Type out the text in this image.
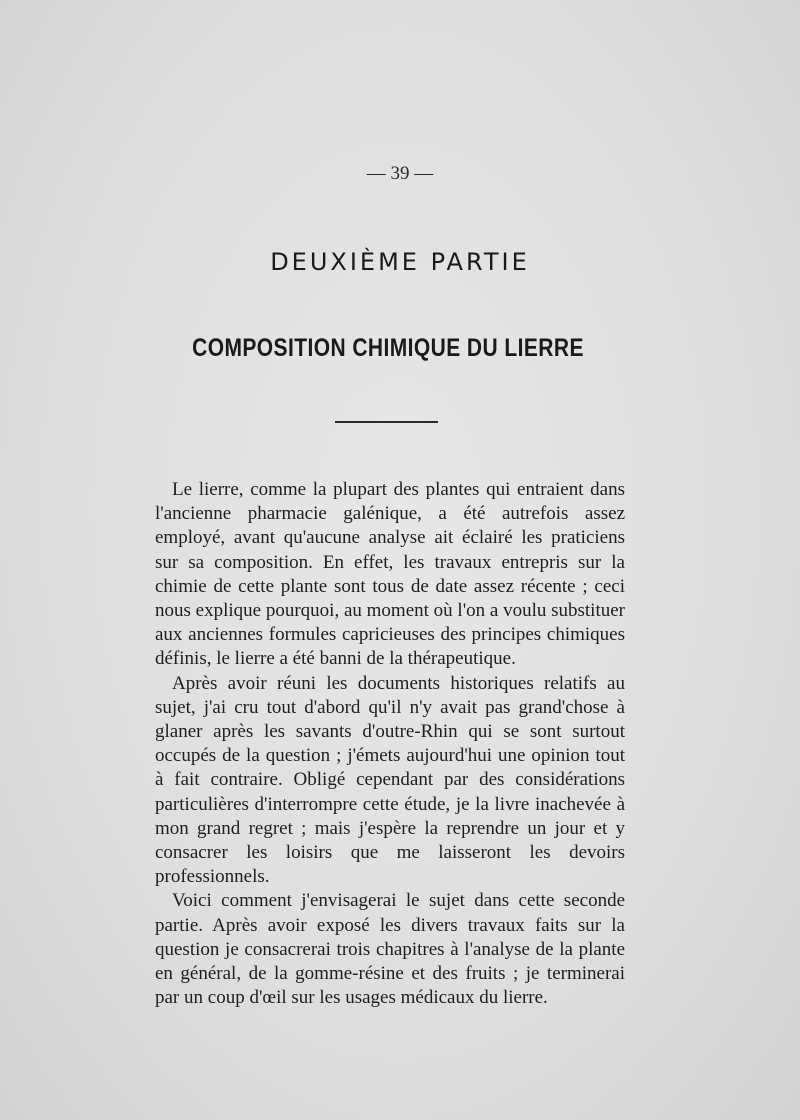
— 39 —
DEUXIÈME PARTIE
COMPOSITION CHIMIQUE DU LIERRE

Le lierre, comme la plupart des plantes qui entraient dans l'ancienne pharmacie galénique, a été autrefois assez employé, avant qu'aucune analyse ait éclairé les praticiens sur sa composition. En effet, les travaux entrepris sur la chimie de cette plante sont tous de date assez récente ; ceci nous explique pourquoi, au moment où l'on a voulu substituer aux anciennes formules capricieuses des principes chimiques définis, le lierre a été banni de la thérapeutique.

Après avoir réuni les documents historiques relatifs au sujet, j'ai cru tout d'abord qu'il n'y avait pas grand'chose à glaner après les savants d'outre-Rhin qui se sont surtout occupés de la question ; j'émets aujourd'hui une opinion tout à fait contraire. Obligé cependant par des considérations particulières d'interrompre cette étude, je la livre inachevée à mon grand regret ; mais j'espère la reprendre un jour et y consacrer les loisirs que me laisseront les devoirs professionnels.

Voici comment j'envisagerai le sujet dans cette seconde partie. Après avoir exposé les divers travaux faits sur la question je consacrerai trois chapitres à l'analyse de la plante en général, de la gomme-résine et des fruits ; je terminerai par un coup d'œil sur les usages médicaux du lierre.
